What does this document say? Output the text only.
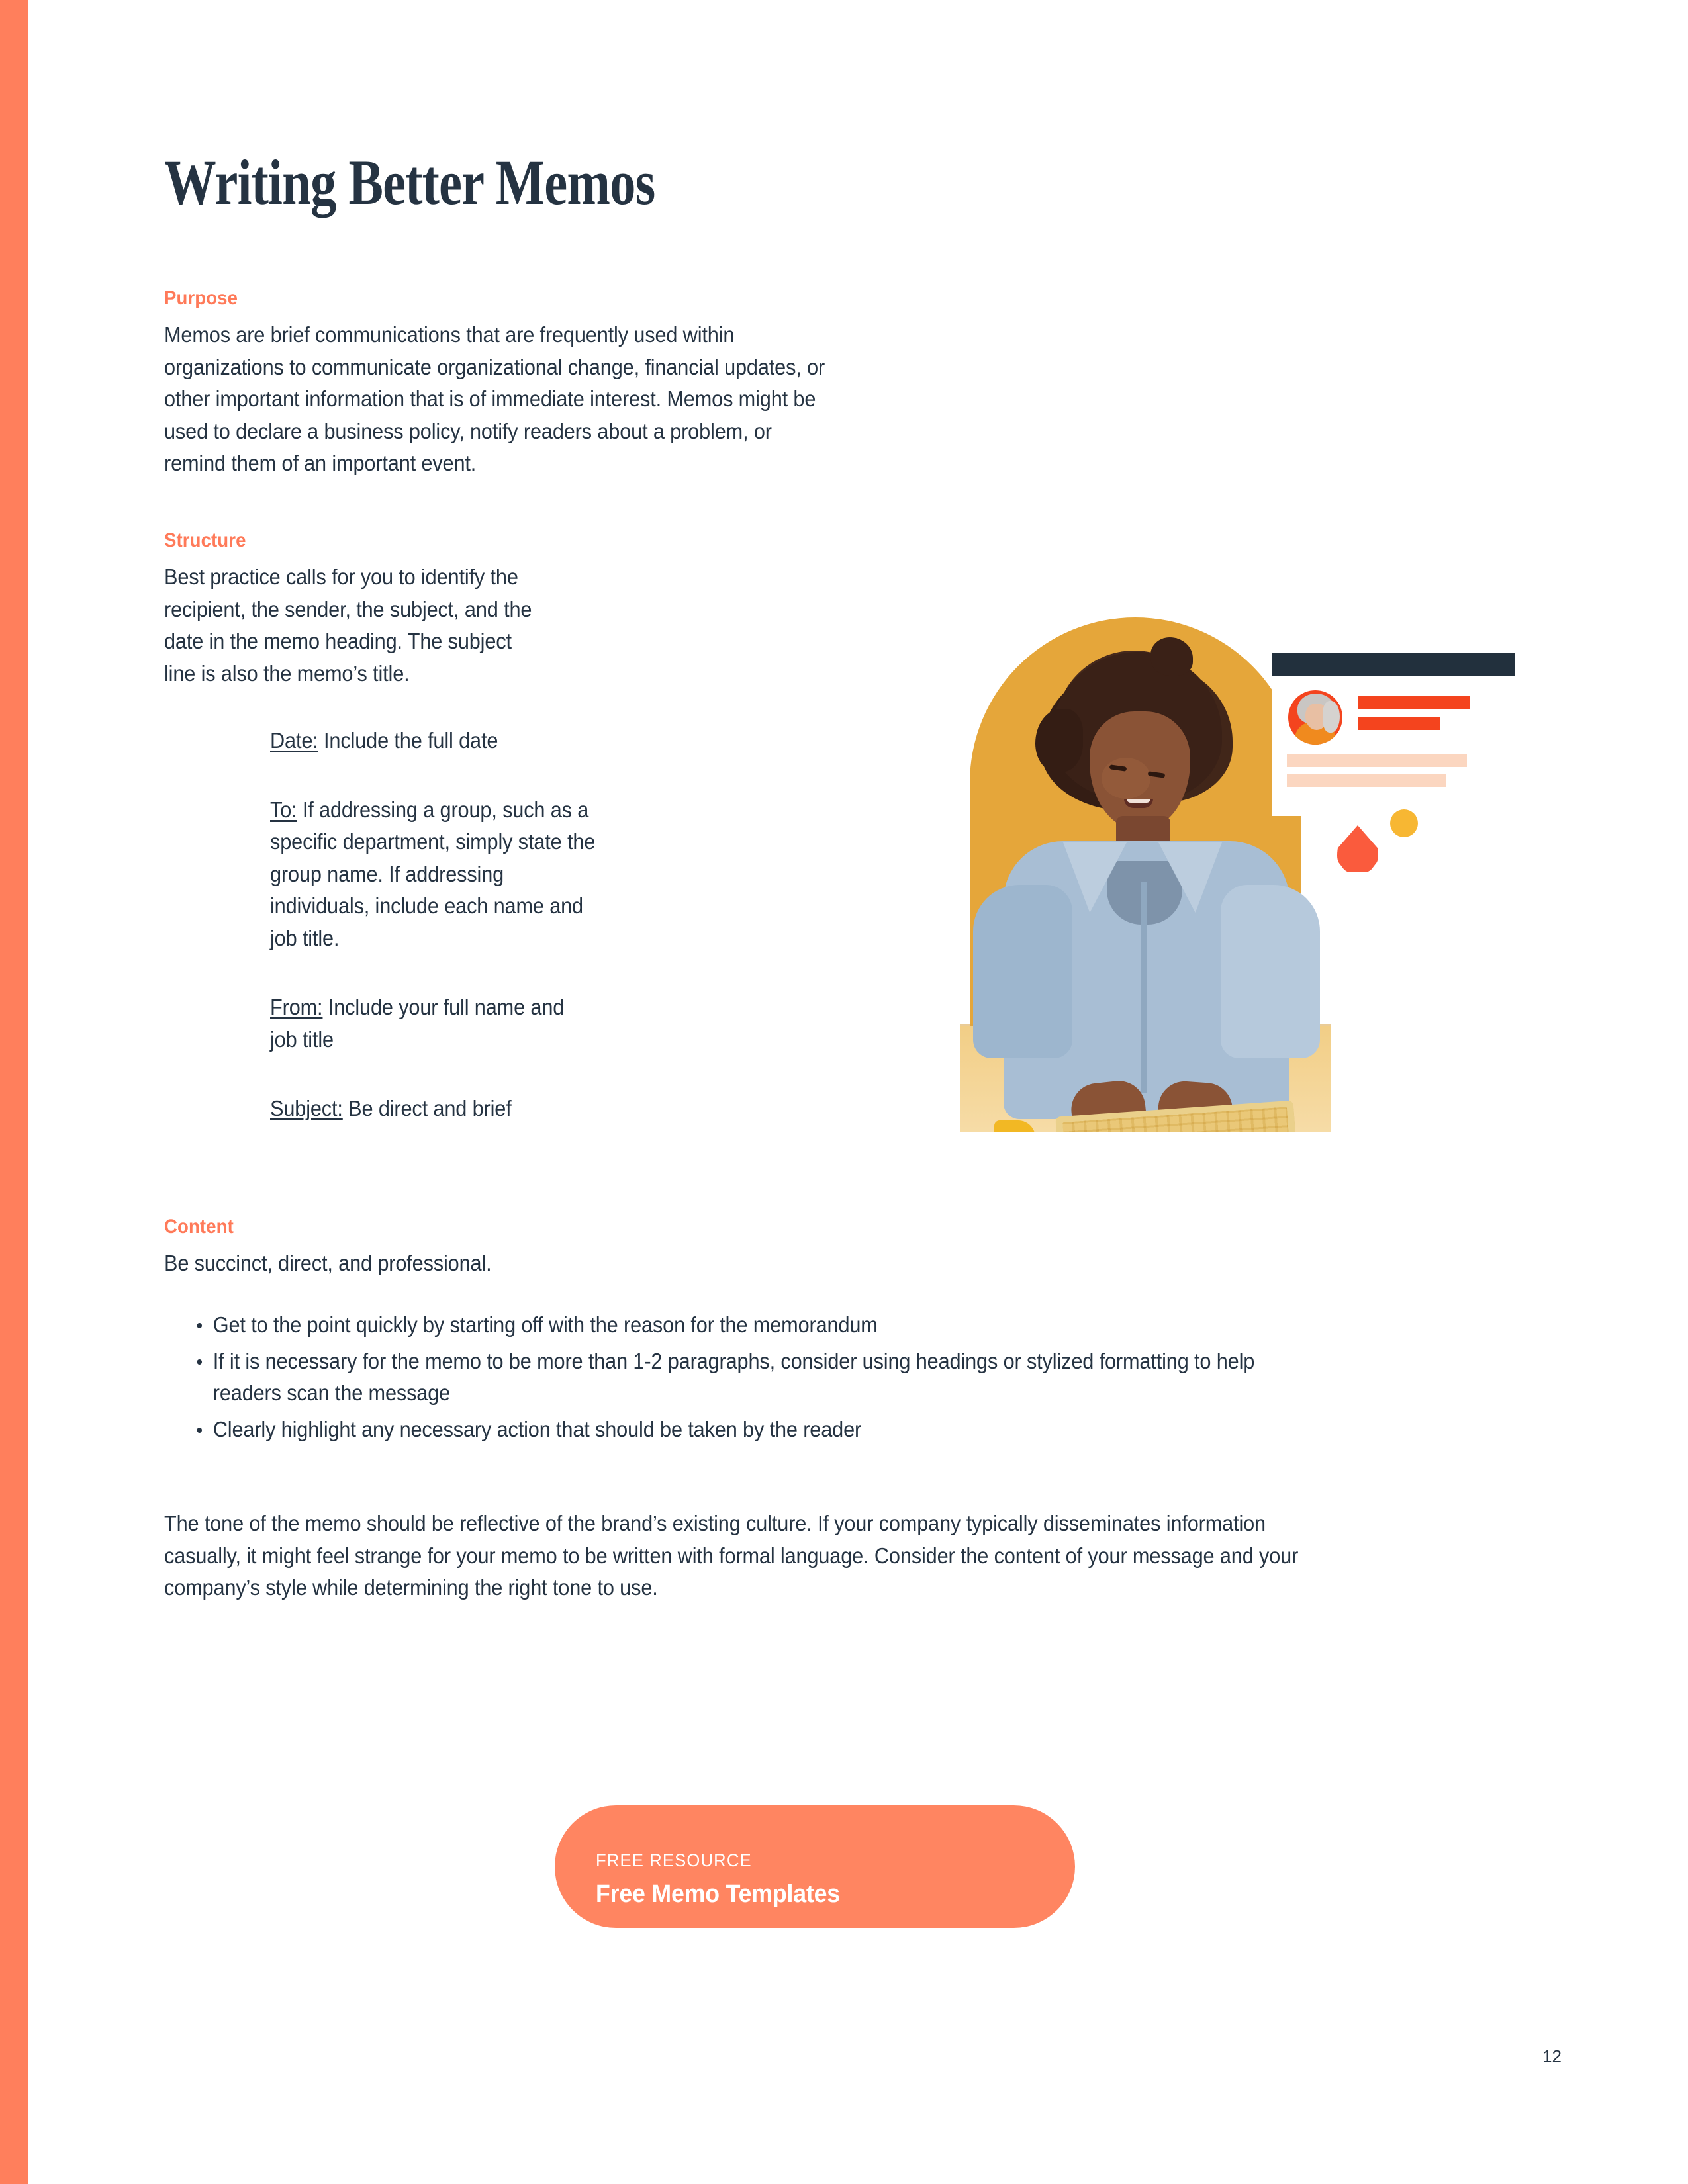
Writing Better Memos
Purpose

Memos are brief communications that are frequently used within organizations to communicate organizational change, financial updates, or other important information that is of immediate interest. Memos might be used to declare a business policy, notify readers about a problem, or remind them of an important event.

Structure

Best practice calls for you to identify the recipient, the sender, the subject, and the date in the memo heading. The subject line is also the memo’s title.

Date: Include the full date
To: If addressing a group, such as a specific department, simply state the group name. If addressing individuals, include each name and job title.
From: Include your full name and job title
Subject: Be direct and brief
Content

Be succinct, direct, and professional.

Get to the point quickly by starting off with the reason for the memorandum
If it is necessary for the memo to be more than 1-2 paragraphs, consider using headings or stylized formatting to help readers scan the message
Clearly highlight any necessary action that should be taken by the reader

The tone of the memo should be reflective of the brand’s existing culture. If your company typically disseminates information casually, it might feel strange for your memo to be written with formal language. Consider the content of your message and your company’s style while determining the right tone to use.

FREE RESOURCE
Free Memo Templates
12
